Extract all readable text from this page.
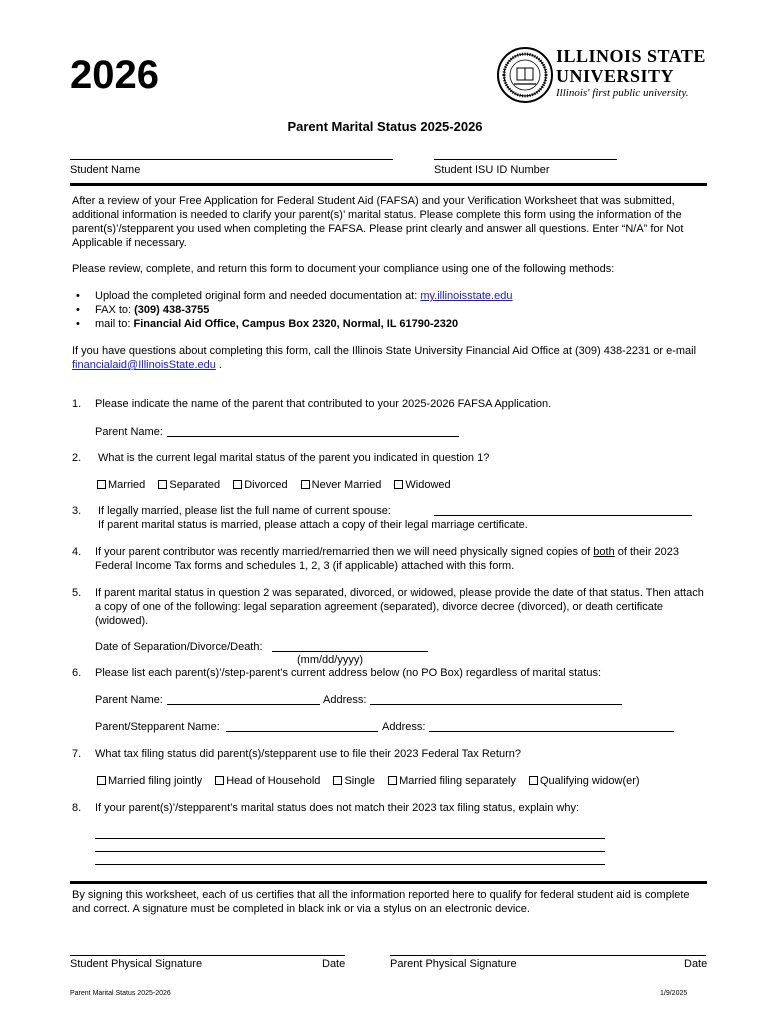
2026	ILLINOIS STATE
UNIVERSITY
Illinois' first public university.
Parent Marital Status 2025-2026
Student Name	Student ISU ID Number
After a review of your Free Application for Federal Student Aid (FAFSA) and your Verification Worksheet that was submitted, additional information is needed to clarify your parent(s)’ marital status. Please complete this form using the information of the parent(s)’/stepparent you used when completing the FAFSA. Please print clearly and answer all questions. Enter “N/A” for Not Applicable if necessary.
Please review, complete, and return this form to document your compliance using one of the following methods:
• Upload the completed original form and needed documentation at: my.illinoisstate.edu
• FAX to: (309) 438-3755
• mail to: Financial Aid Office, Campus Box 2320, Normal, IL 61790-2320
If you have questions about completing this form, call the Illinois State University Financial Aid Office at (309) 438-2231 or e-mail financialaid@IllinoisState.edu .
1. Please indicate the name of the parent that contributed to your 2025-2026 FAFSA Application.
Parent Name:
2. What is the current legal marital status of the parent you indicated in question 1?
Married Separated Divorced Never Married Widowed
3. If legally married, please list the full name of current spouse:
If parent marital status is married, please attach a copy of their legal marriage certificate.
4. If your parent contributor was recently married/remarried then we will need physically signed copies of both of their 2023 Federal Income Tax forms and schedules 1, 2, 3 (if applicable) attached with this form.
5. If parent marital status in question 2 was separated, divorced, or widowed, please provide the date of that status. Then attach a copy of one of the following: legal separation agreement (separated), divorce decree (divorced), or death certificate (widowed).
Date of Separation/Divorce/Death:
(mm/dd/yyyy)
6. Please list each parent(s)’/step-parent’s current address below (no PO Box) regardless of marital status:
Parent Name:	Address:
Parent/Stepparent Name:	Address:
7. What tax filing status did parent(s)/stepparent use to file their 2023 Federal Tax Return?
Married filing jointly Head of Household Single Married filing separately Qualifying widow(er)
8. If your parent(s)’/stepparent’s marital status does not match their 2023 tax filing status, explain why:
By signing this worksheet, each of us certifies that all the information reported here to qualify for federal student aid is complete and correct. A signature must be completed in black ink or via a stylus on an electronic device.
Student Physical Signature	Date	Parent Physical Signature	Date
Parent Marital Status 2025-2026	1/9/2025
